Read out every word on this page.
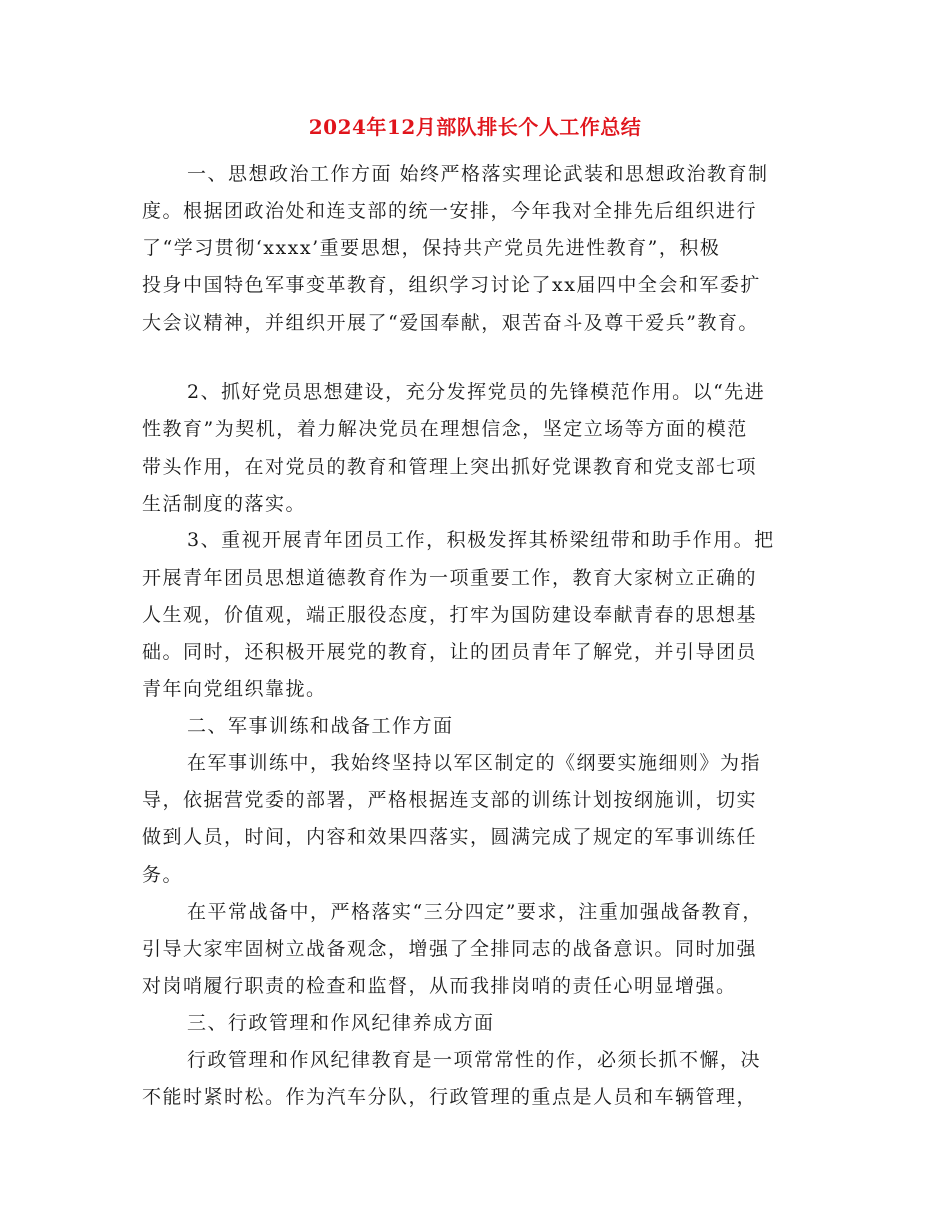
2024年12月部队排长个人工作总结
一、思想政治工作方面 始终严格落实理论武装和思想政治教育制
度。根据团政治处和连支部的统一安排，今年我对全排先后组织进行
了“学习贯彻‘xxxx’重要思想，保持共产党员先进性教育”，积极
投身中国特色军事变革教育，组织学习讨论了xx届四中全会和军委扩
大会议精神，并组织开展了“爱国奉献，艰苦奋斗及尊干爱兵”教育。
2、抓好党员思想建设，充分发挥党员的先锋模范作用。以“先进
性教育”为契机，着力解决党员在理想信念，坚定立场等方面的模范
带头作用，在对党员的教育和管理上突出抓好党课教育和党支部七项
生活制度的落实。
3、重视开展青年团员工作，积极发挥其桥梁纽带和助手作用。把
开展青年团员思想道德教育作为一项重要工作，教育大家树立正确的
人生观，价值观，端正服役态度，打牢为国防建设奉献青春的思想基
础。同时，还积极开展党的教育，让的团员青年了解党，并引导团员
青年向党组织靠拢。
二、军事训练和战备工作方面
在军事训练中，我始终坚持以军区制定的《纲要实施细则》为指
导，依据营党委的部署，严格根据连支部的训练计划按纲施训，切实
做到人员，时间，内容和效果四落实，圆满完成了规定的军事训练任
务。
在平常战备中，严格落实“三分四定”要求，注重加强战备教育，
引导大家牢固树立战备观念，增强了全排同志的战备意识。同时加强
对岗哨履行职责的检查和监督，从而我排岗哨的责任心明显增强。
三、行政管理和作风纪律养成方面
行政管理和作风纪律教育是一项常常性的作，必须长抓不懈，决
不能时紧时松。作为汽车分队，行政管理的重点是人员和车辆管理，
